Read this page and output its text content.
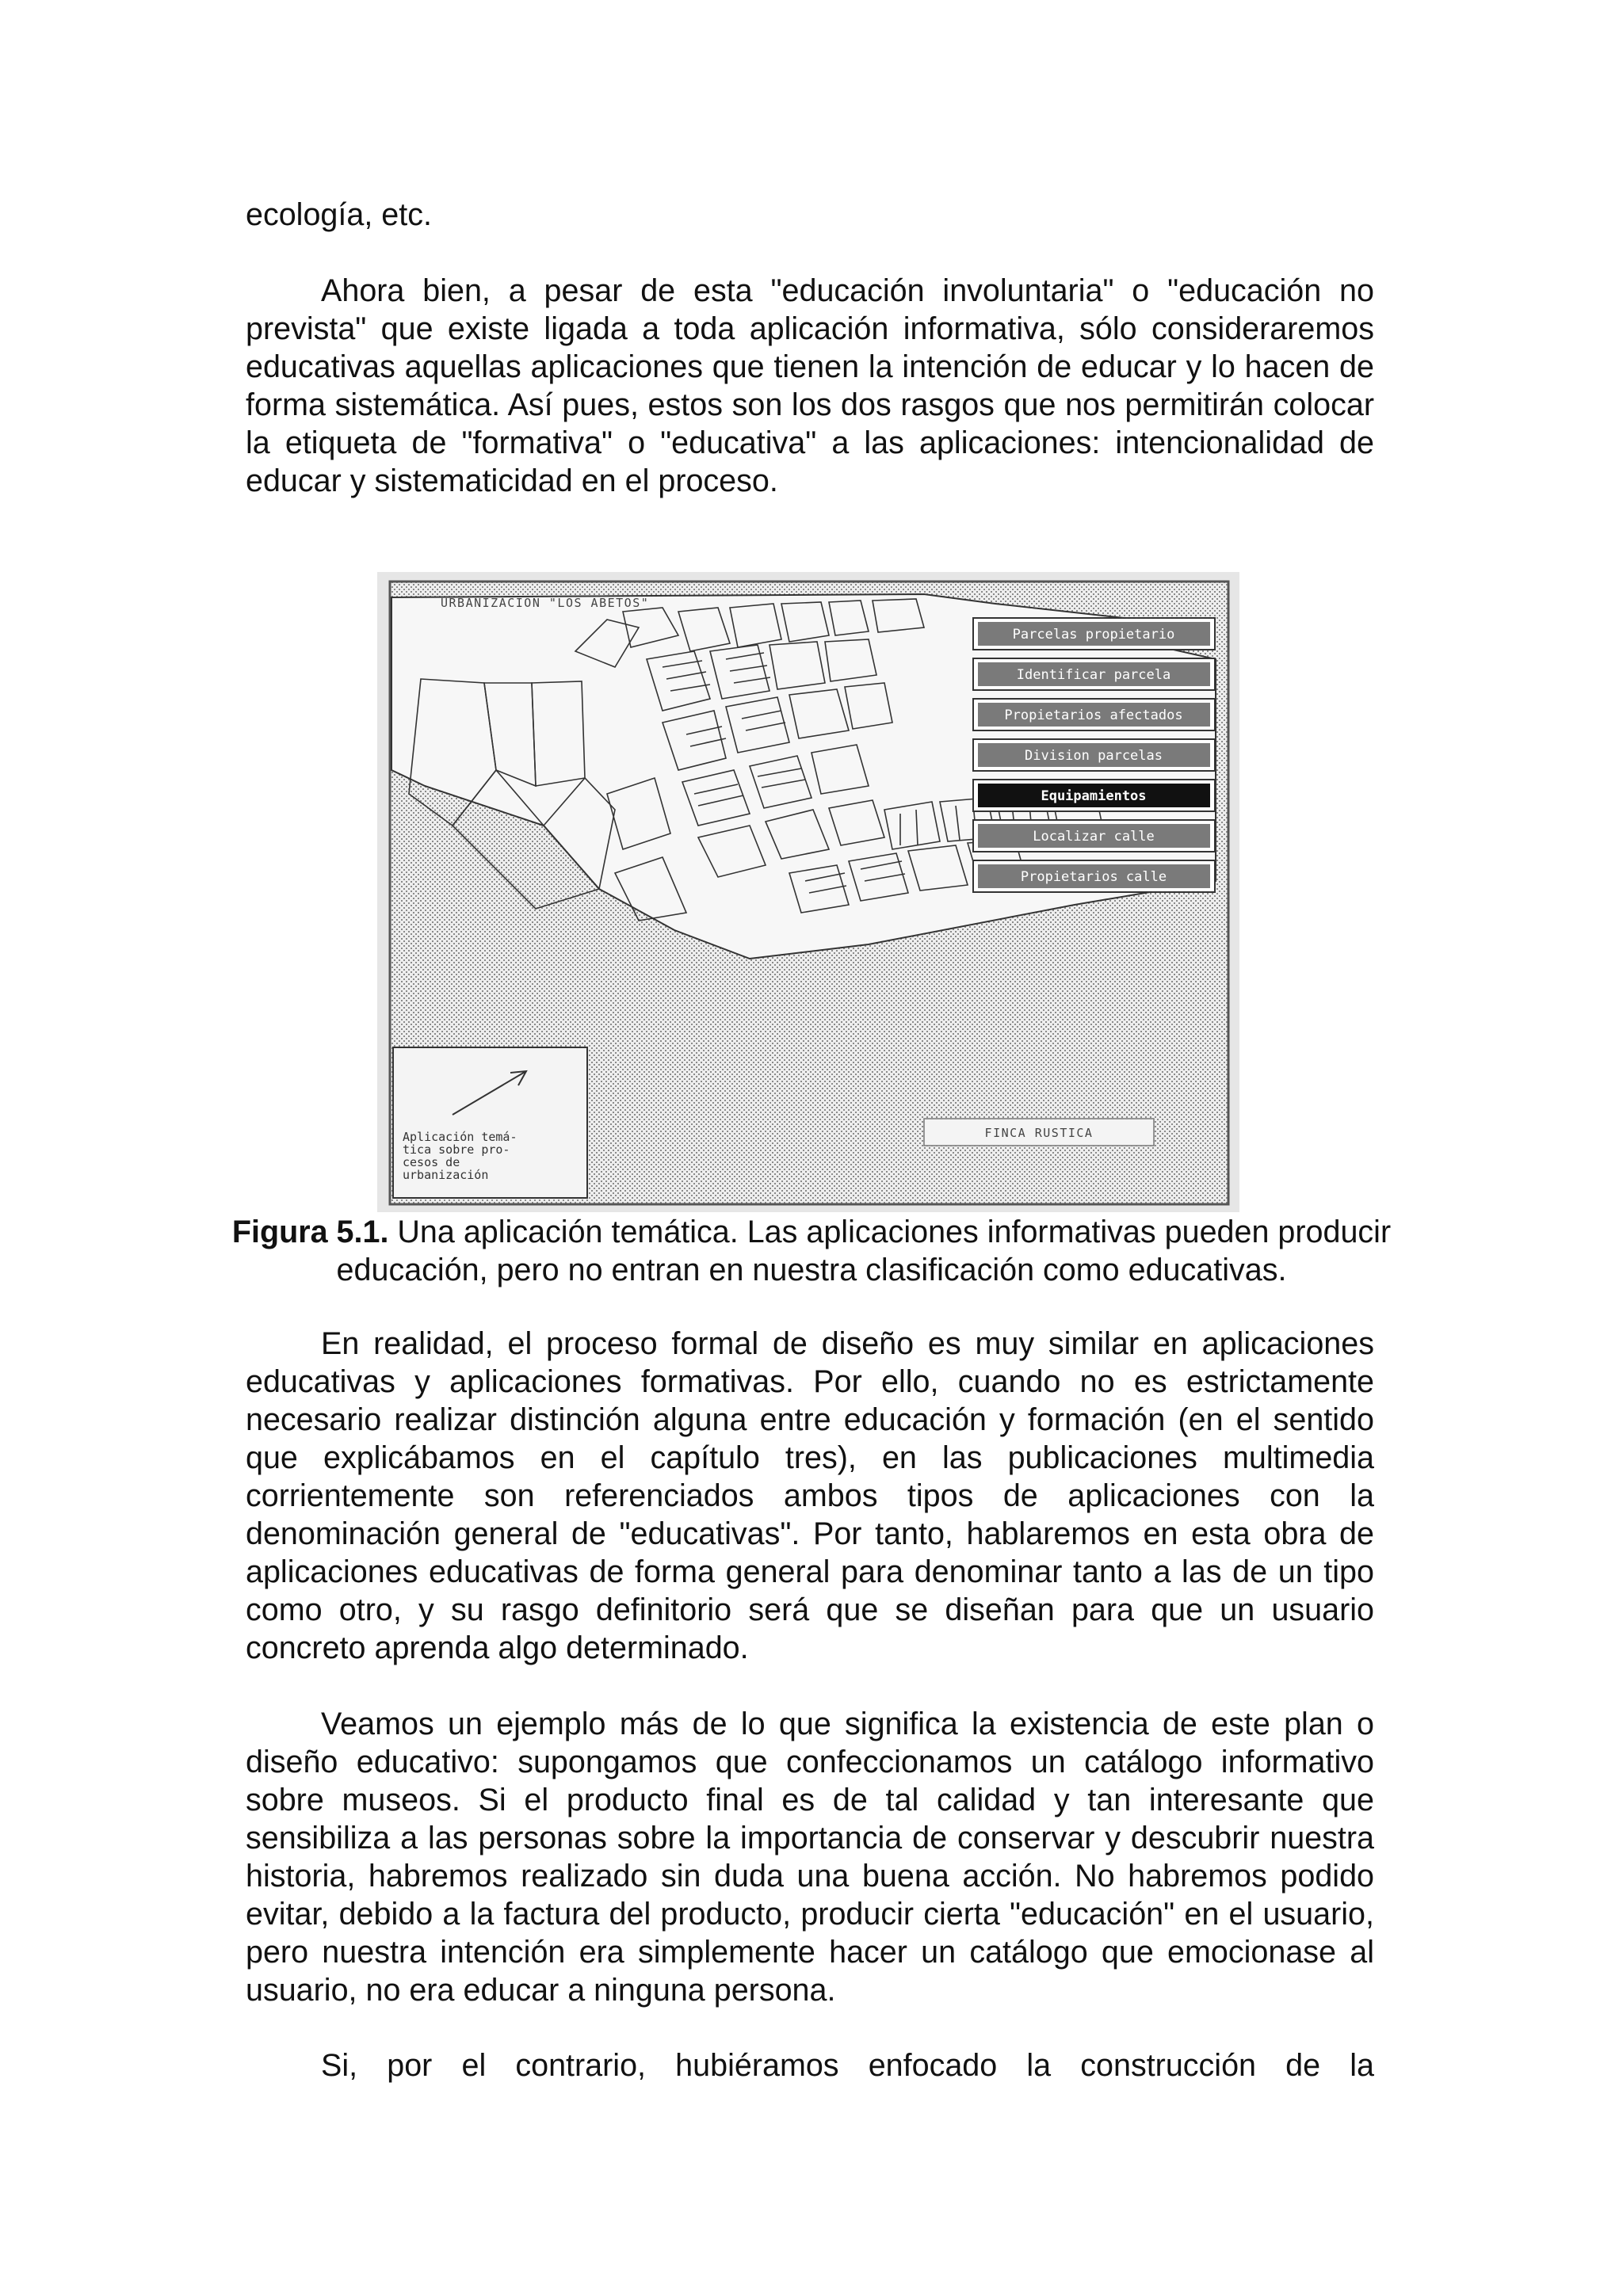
ecología, etc.

Ahora bien, a pesar de esta "educación involuntaria" o "educación no prevista" que existe ligada a toda aplicación informativa, sólo consideraremos educativas aquellas aplicaciones que tienen la intención de educar y lo hacen de forma sistemática. Así pues, estos son los dos rasgos que nos permitirán colocar la etiqueta de "formativa" o "educativa" a las aplicaciones: intencionalidad de educar y sistematicidad en el proceso.

URBANIZACION "LOS ABETOS"
Parcelas propietario
Identificar parcela
Propietarios afectados
Division parcelas
Equipamientos
Localizar calle
Propietarios calle
Aplicación temá-
tica sobre pro-
cesos de
urbanización
FINCA RUSTICA

Figura 5.1. Una aplicación temática. Las aplicaciones informativas pueden producir educación, pero no entran en nuestra clasificación como educativas.

En realidad, el proceso formal de diseño es muy similar en aplicaciones educativas y aplicaciones formativas. Por ello, cuando no es estrictamente necesario realizar distinción alguna entre educación y formación (en el sentido que explicábamos en el capítulo tres), en las publicaciones multimedia corrientemente son referenciados ambos tipos de aplicaciones con la denominación general de "educativas". Por tanto, hablaremos en esta obra de aplicaciones educativas de forma general para denominar tanto a las de un tipo como otro, y su rasgo definitorio será que se diseñan para que un usuario concreto aprenda algo determinado.

Veamos un ejemplo más de lo que significa la existencia de este plan o diseño educativo: supongamos que confeccionamos un catálogo informativo sobre museos. Si el producto final es de tal calidad y tan interesante que sensibiliza a las personas sobre la importancia de conservar y descubrir nuestra historia, habremos realizado sin duda una buena acción. No habremos podido evitar, debido a la factura del producto, producir cierta "educación" en el usuario, pero nuestra intención era simplemente hacer un catálogo que emocionase al usuario, no era educar a ninguna persona.

Si, por el contrario, hubiéramos enfocado la construcción de la
